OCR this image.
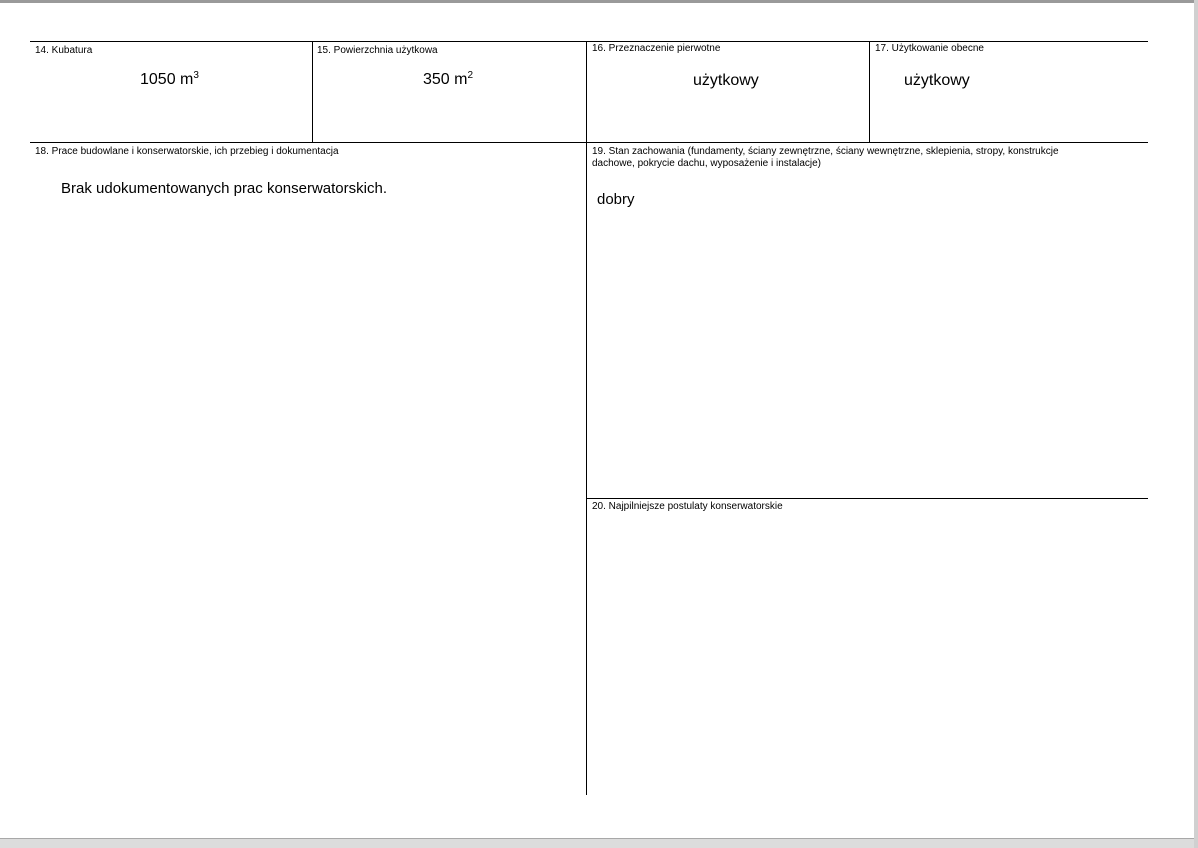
14. Kubatura
1050 $m^3$
15. Powierzchnia użytkowa
350 $m^2$
16. Przeznaczenie pierwotne
użytkowy
17. Użytkowanie obecne
użytkowy
18. Prace budowlane i konserwatorskie, ich przebieg i dokumentacja
Brak udokumentowanych prac konserwatorskich.
19. Stan zachowania (fundamenty, ściany zewnętrzne, ściany wewnętrzne, sklepienia, stropy, konstrukcje dachowe, pokrycie dachu, wyposażenie i instalacje)
dobry
20. Najpilniejsze postulaty konserwatorskie
